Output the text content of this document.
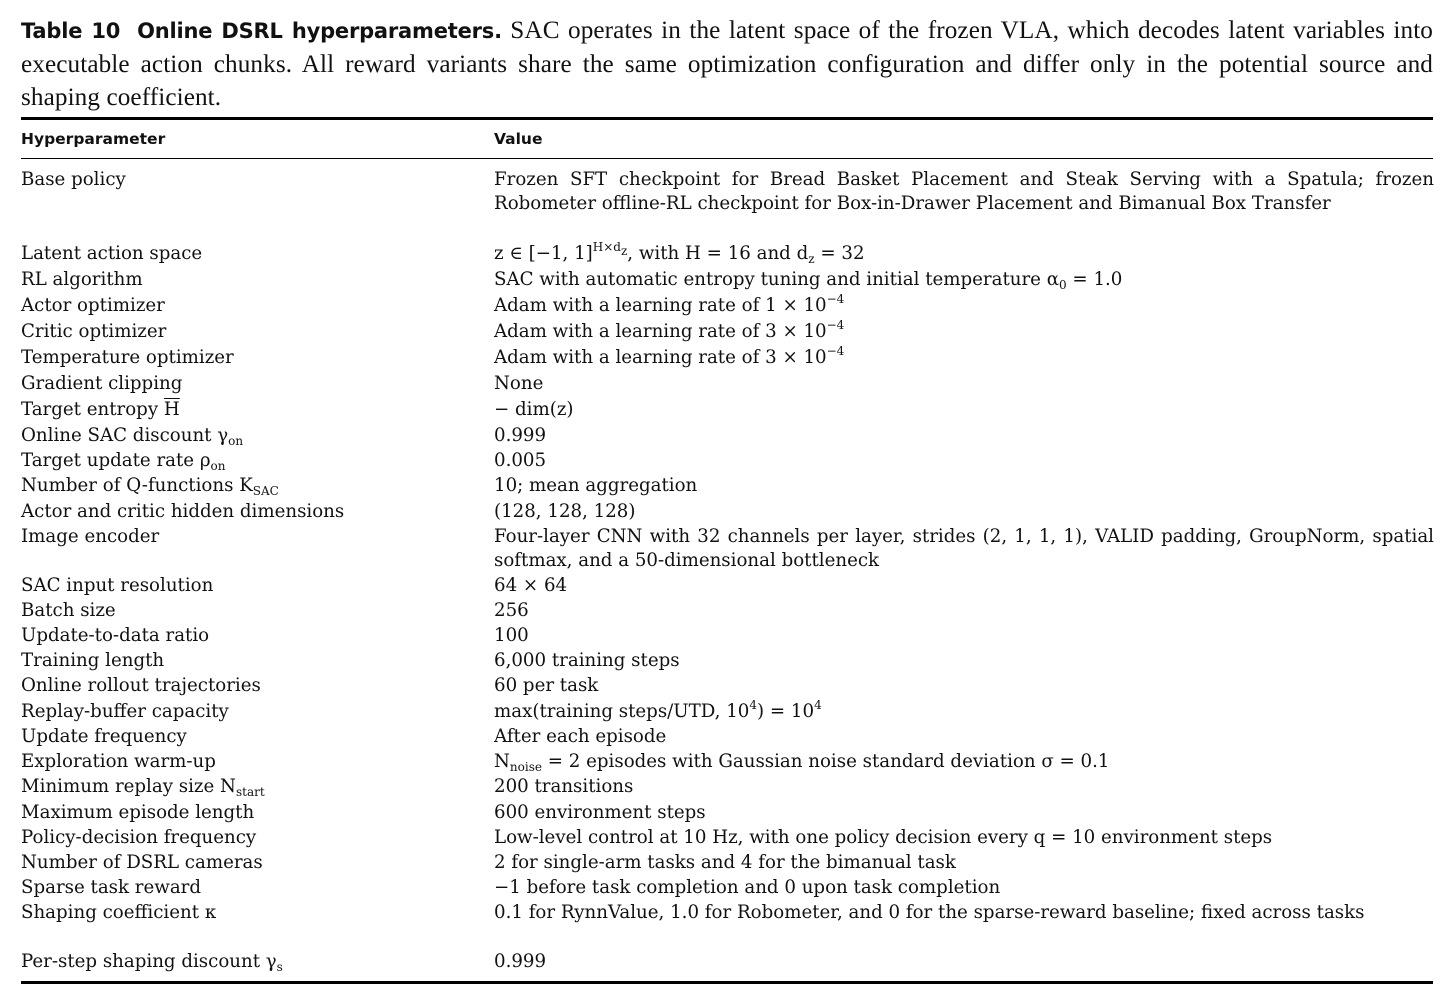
Table 10 Online DSRL hyperparameters. SAC operates in the latent space of the frozen VLA, which decodes latent variables into executable action chunks. All reward variants share the same optimization configuration and differ only in the potential source and shaping coefficient.
Hyperparameter	Value
Base policy	Frozen SFT checkpoint for Bread Basket Placement and Steak Serving with a Spatula; frozen Robometer offline-RL checkpoint for Box-in-Drawer Placement and Bimanual Box Transfer
Latent action space	z ∈ [−1, 1]$^{H\times d_z}$, with H = 16 and $d_z = 32$
RL algorithm	SAC with automatic entropy tuning and initial temperature $\alpha_0 = 1.0$
Actor optimizer	Adam with a learning rate of $1 \times 10^{-4}$
Critic optimizer	Adam with a learning rate of $3 \times 10^{-4}$
Temperature optimizer	Adam with a learning rate of $3 \times 10^{-4}$
Gradient clipping	None
Target entropy $\overline{H}$	− dim(z)
Online SAC discount $\gamma_{on}$	0.999
Target update rate $\rho_{on}$	0.005
Number of Q-functions $K_{SAC}$	10; mean aggregation
Actor and critic hidden dimensions	(128, 128, 128)
Image encoder	Four-layer CNN with 32 channels per layer, strides (2, 1, 1, 1), VALID padding, GroupNorm, spatial softmax, and a 50-dimensional bottleneck
SAC input resolution	64 × 64
Batch size	256
Update-to-data ratio	100
Training length	6,000 training steps
Online rollout trajectories	60 per task
Replay-buffer capacity	max(training steps/UTD, $10^4) = 10^4$
Update frequency	After each episode
Exploration warm-up	$N_{noise} = 2$ episodes with Gaussian noise standard deviation σ = 0.1
Minimum replay size $N_{start}$	200 transitions
Maximum episode length	600 environment steps
Policy-decision frequency	Low-level control at 10 Hz, with one policy decision every q = 10 environment steps
Number of DSRL cameras	2 for single-arm tasks and 4 for the bimanual task
Sparse task reward	−1 before task completion and 0 upon task completion
Shaping coefficient κ	0.1 for RynnValue, 1.0 for Robometer, and 0 for the sparse-reward baseline; fixed across tasks
Per-step shaping discount $\gamma_s$	0.999
